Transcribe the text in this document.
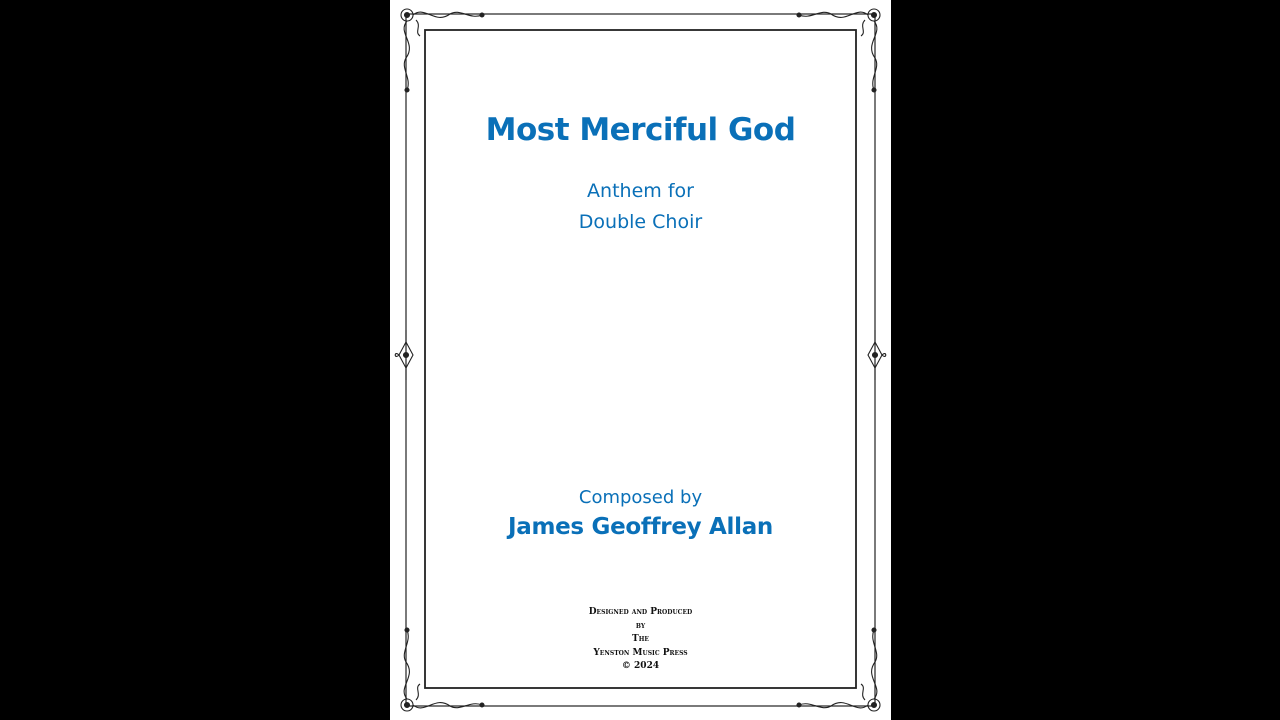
Most Merciful God
Anthem for
Double Choir
Composed by
James Geoffrey Allan
Designed and Produced
by
The
Yenston Music Press
© 2024
